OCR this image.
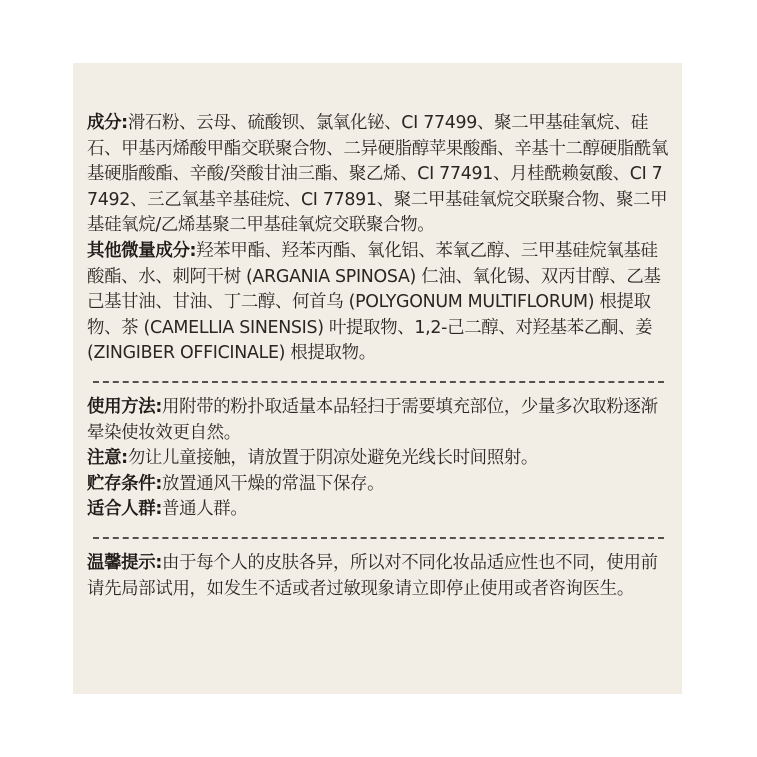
成分:滑石粉、云母、硫酸钡、氯氧化铋、CI 77499、聚二甲基硅氧烷、硅石、甲基丙烯酸甲酯交联聚合物、二异硬脂醇苹果酸酯、辛基十二醇硬脂酰氧基硬脂酸酯、辛酸/癸酸甘油三酯、聚乙烯、CI 77491、月桂酰赖氨酸、CI 77492、三乙氧基辛基硅烷、CI 77891、聚二甲基硅氧烷交联聚合物、聚二甲基硅氧烷/乙烯基聚二甲基硅氧烷交联聚合物。

其他微量成分:羟苯甲酯、羟苯丙酯、氧化铝、苯氧乙醇、三甲基硅烷氧基硅酸酯、水、刺阿干树 (ARGANIA SPINOSA) 仁油、氧化锡、双丙甘醇、乙基己基甘油、甘油、丁二醇、何首乌 (POLYGONUM MULTIFLORUM) 根提取物、茶 (CAMELLIA SINENSIS) 叶提取物、1,2-己二醇、对羟基苯乙酮、姜 (ZINGIBER OFFICINALE) 根提取物。

使用方法:用附带的粉扑取适量本品轻扫于需要填充部位，少量多次取粉逐渐晕染使妆效更自然。

注意:勿让儿童接触，请放置于阴凉处避免光线长时间照射。

贮存条件:放置通风干燥的常温下保存。

适合人群:普通人群。

温馨提示:由于每个人的皮肤各异，所以对不同化妆品适应性也不同，使用前请先局部试用，如发生不适或者过敏现象请立即停止使用或者咨询医生。
